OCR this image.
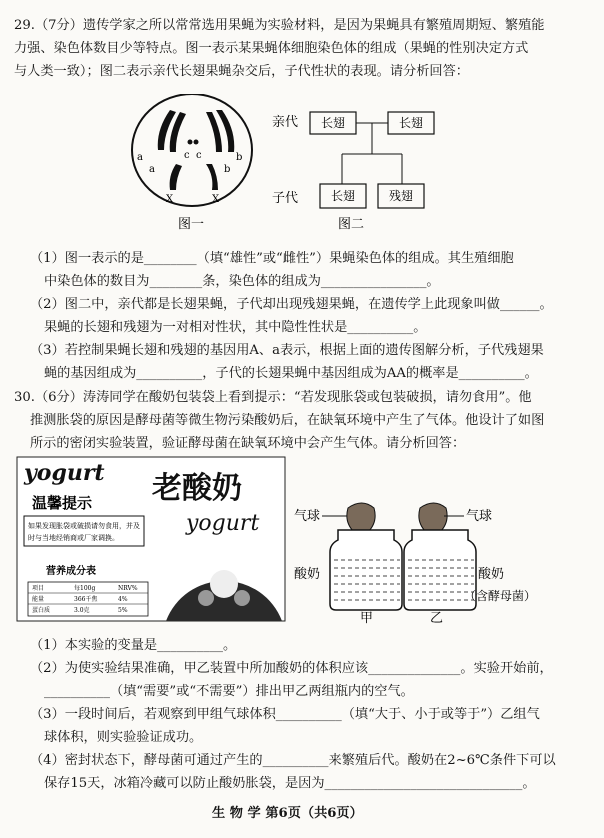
29.（7分）遗传学家之所以常常选用果蝇为实验材料，是因为果蝇具有繁殖周期短、繁殖能
力强、染色体数目少等特点。图一表示某果蝇体细胞染色体的组成（果蝇的性别决定方式
与人类一致）；图二表示亲代长翅果蝇杂交后，子代性状的表现。请分析回答：
a
a
c c	b
b
X	X
图一
亲代 长翅	长翅
子代	长翅	残翅
图二
（1）图一表示的是________（填“雄性”或“雌性”）果蝇染色体的组成。其生殖细胞
中染色体的数目为________条，染色体的组成为________________。
（2）图二中，亲代都是长翅果蝇，子代却出现残翅果蝇，在遗传学上此现象叫做______。
果蝇的长翅和残翅为一对相对性状，其中隐性性状是__________。
（3）若控制果蝇长翅和残翅的基因用A、a表示，根据上面的遗传图解分析，子代残翅果
蝇的基因组成为__________，子代的长翅果蝇中基因组成为AA的概率是__________。
30.（6分）涛涛同学在酸奶包装袋上看到提示：“若发现胀袋或包装破损，请勿食用”。他
推测胀袋的原因是酵母菌等微生物污染酸奶后，在缺氧环境中产生了气体。他设计了如图
所示的密闭实验装置，验证酵母菌在缺氧环境中会产生气体。请分析回答：
yogurt
温馨提示
如果发现胀袋或破损请勿食用，并及
时与当地经销商或厂家调换。
老酸奶
yogurt
营养成分表
项目	每100g	NRV%
能量	366千焦	4%
蛋白质	3.0克	5%
气球
酸奶
甲
气球
酸奶
乙
（含酵母菌）
（1）本实验的变量是__________。
（2）为使实验结果准确，甲乙装置中所加酸奶的体积应该______________。实验开始前，
__________（填“需要”或“不需要”）排出甲乙两组瓶内的空气。
（3）一段时间后，若观察到甲组气球体积__________（填“大于、小于或等于”）乙组气
球体积，则实验验证成功。
（4）密封状态下，酵母菌可通过产生的__________来繁殖后代。酸奶在2~6℃条件下可以
保存15天，冰箱冷藏可以防止酸奶胀袋，是因为______________________________。
生 物 学 第6页（共6页）
